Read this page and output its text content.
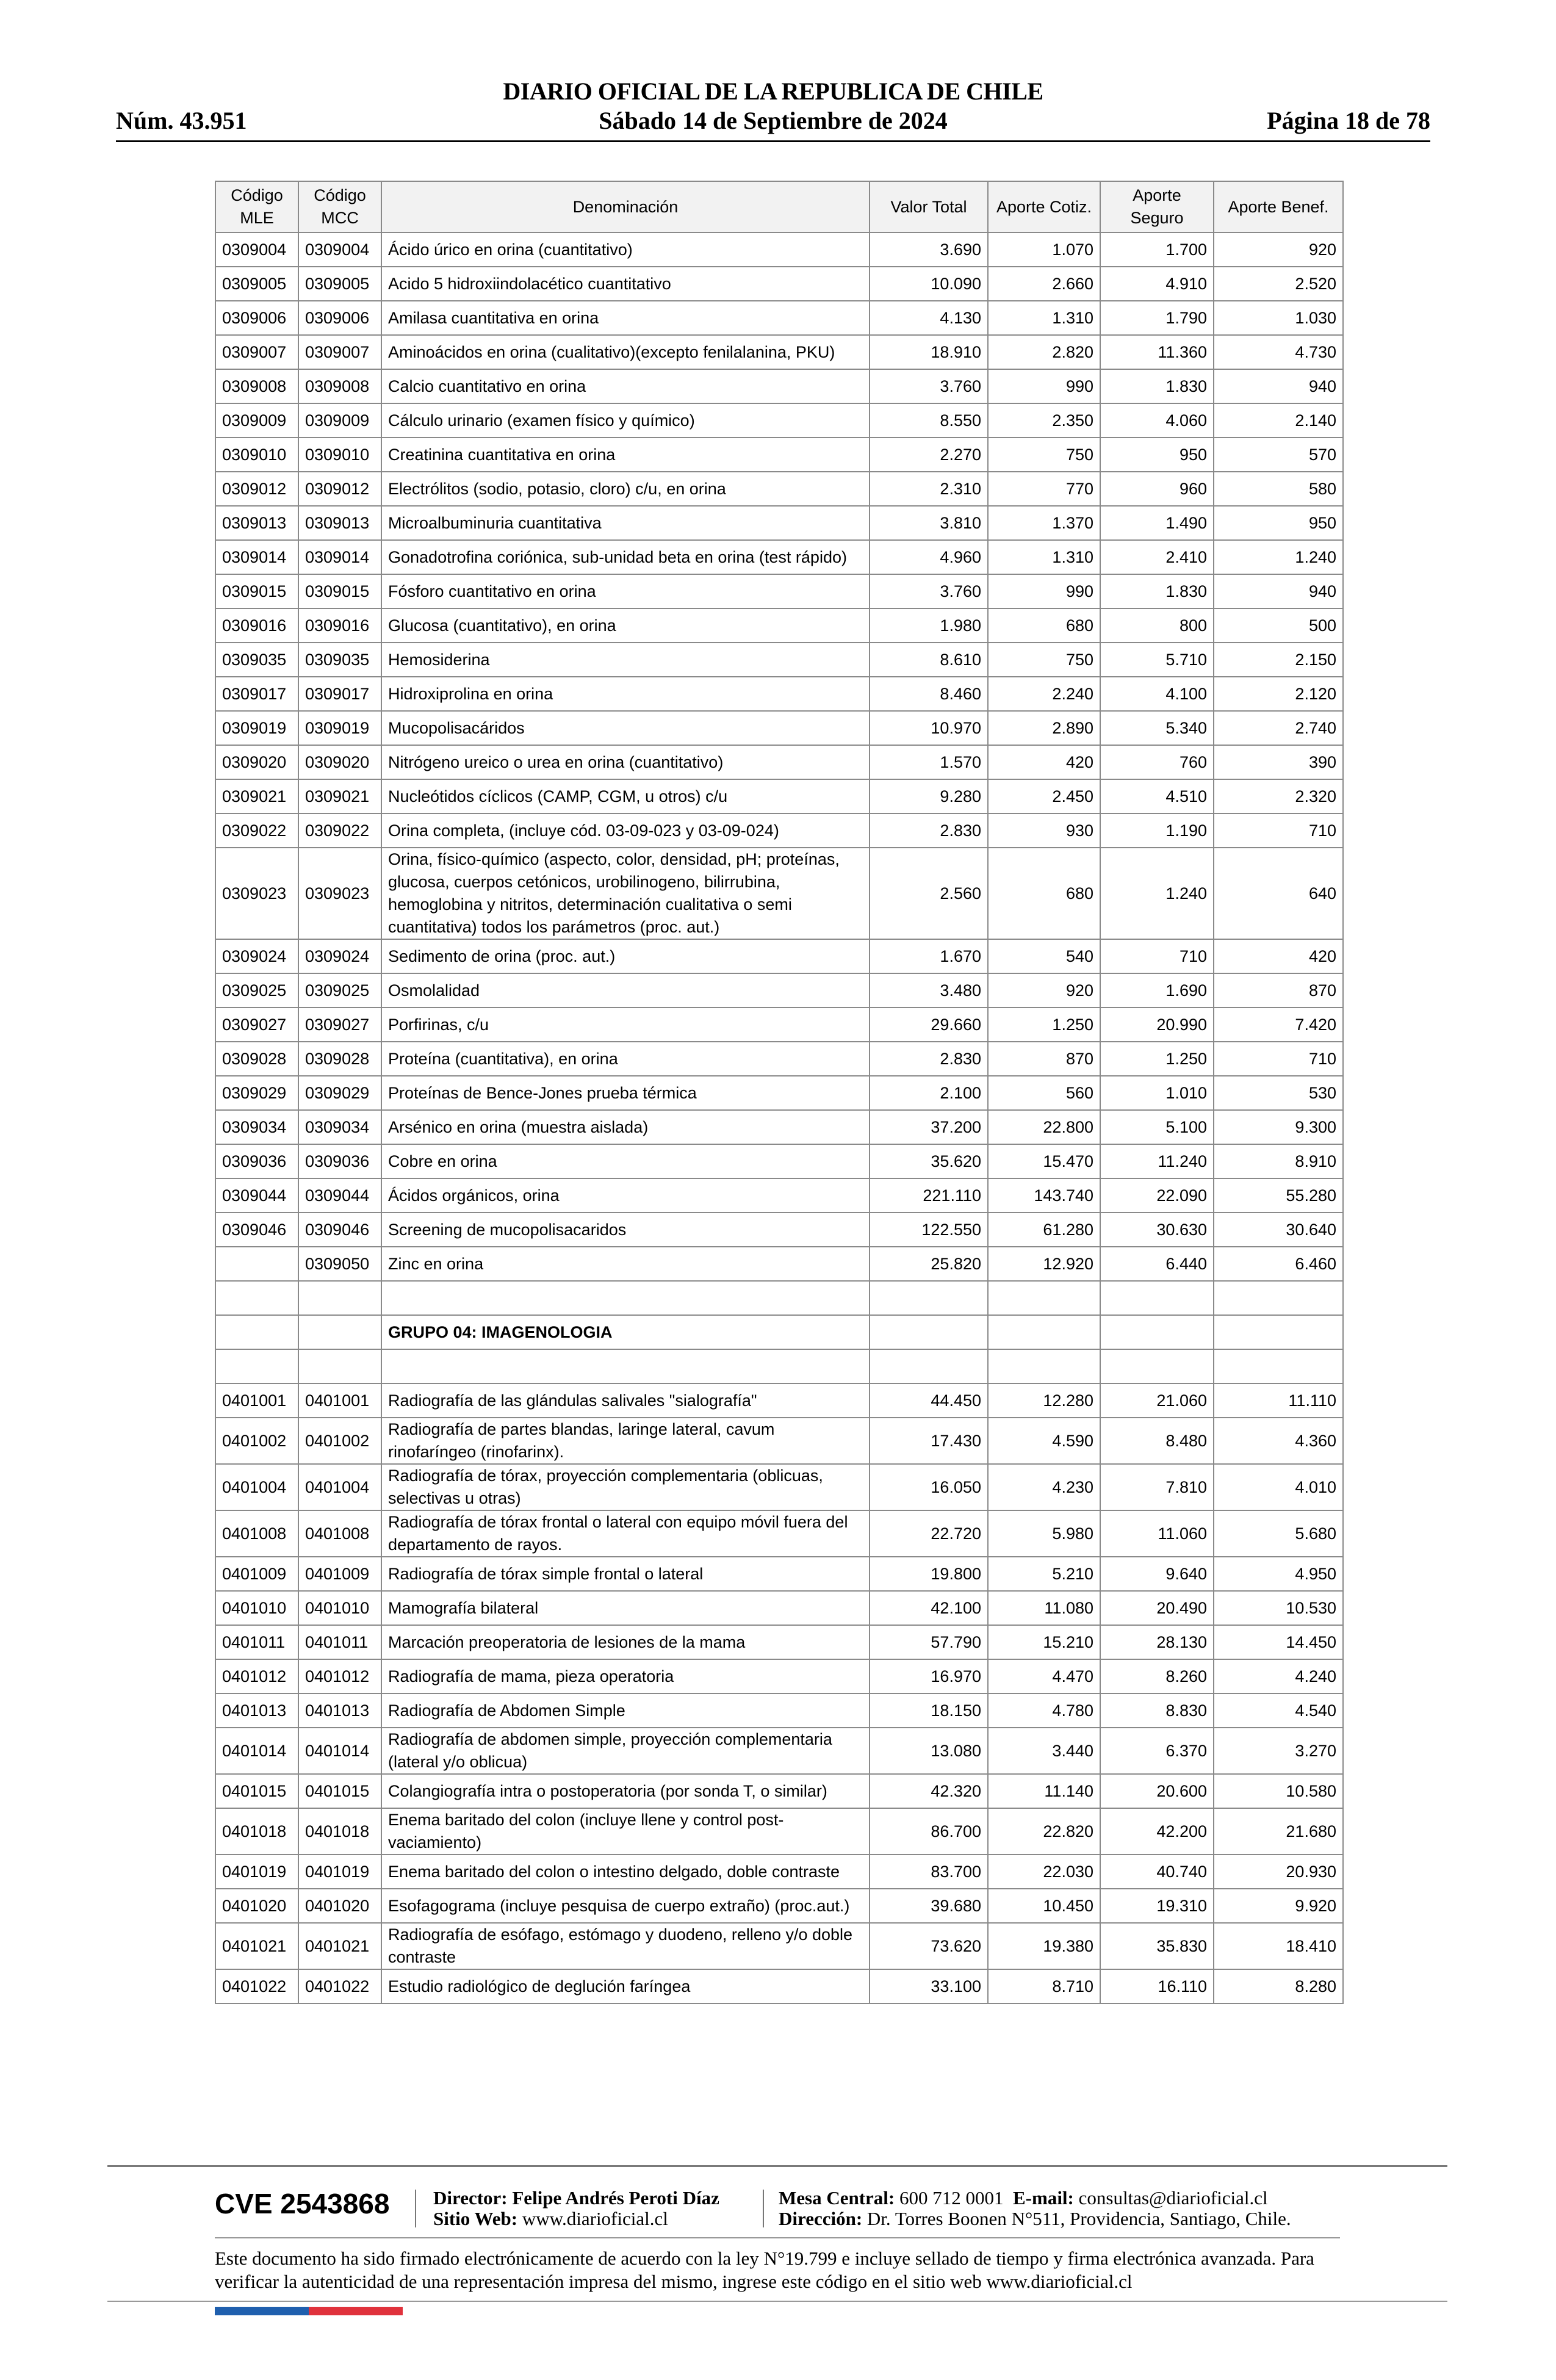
DIARIO OFICIAL DE LA REPUBLICA DE CHILE
Núm. 43.951	Sábado 14 de Septiembre de 2024	Página 18 de 78
Código MLE	Código MCC	Denominación	Valor Total	Aporte Cotiz.	Aporte Seguro	Aporte Benef.
0309004	0309004	Ácido úrico en orina (cuantitativo)	3.690	1.070	1.700	920
0309005	0309005	Acido 5 hidroxiindolacético cuantitativo	10.090	2.660	4.910	2.520
0309006	0309006	Amilasa cuantitativa en orina	4.130	1.310	1.790	1.030
0309007	0309007	Aminoácidos en orina (cualitativo)(excepto fenilalanina, PKU)	18.910	2.820	11.360	4.730
0309008	0309008	Calcio cuantitativo en orina	3.760	990	1.830	940
0309009	0309009	Cálculo urinario (examen físico y químico)	8.550	2.350	4.060	2.140
0309010	0309010	Creatinina cuantitativa en orina	2.270	750	950	570
0309012	0309012	Electrólitos (sodio, potasio, cloro) c/u, en orina	2.310	770	960	580
0309013	0309013	Microalbuminuria cuantitativa	3.810	1.370	1.490	950
0309014	0309014	Gonadotrofina coriónica, sub-unidad beta en orina (test rápido)	4.960	1.310	2.410	1.240
0309015	0309015	Fósforo cuantitativo en orina	3.760	990	1.830	940
0309016	0309016	Glucosa (cuantitativo), en orina	1.980	680	800	500
0309035	0309035	Hemosiderina	8.610	750	5.710	2.150
0309017	0309017	Hidroxiprolina en orina	8.460	2.240	4.100	2.120
0309019	0309019	Mucopolisacáridos	10.970	2.890	5.340	2.740
0309020	0309020	Nitrógeno ureico o urea en orina (cuantitativo)	1.570	420	760	390
0309021	0309021	Nucleótidos cíclicos (CAMP, CGM, u otros) c/u	9.280	2.450	4.510	2.320
0309022	0309022	Orina completa, (incluye cód. 03-09-023 y 03-09-024)	2.830	930	1.190	710
0309023	0309023	Orina, físico-químico (aspecto, color, densidad, pH; proteínas, glucosa, cuerpos cetónicos, urobilinogeno, bilirrubina, hemoglobina y nitritos, determinación cualitativa o semi cuantitativa) todos los parámetros (proc. aut.)	2.560	680	1.240	640
0309024	0309024	Sedimento de orina (proc. aut.)	1.670	540	710	420
0309025	0309025	Osmolalidad	3.480	920	1.690	870
0309027	0309027	Porfirinas, c/u	29.660	1.250	20.990	7.420
0309028	0309028	Proteína (cuantitativa), en orina	2.830	870	1.250	710
0309029	0309029	Proteínas de Bence-Jones prueba térmica	2.100	560	1.010	530
0309034	0309034	Arsénico en orina (muestra aislada)	37.200	22.800	5.100	9.300
0309036	0309036	Cobre en orina	35.620	15.470	11.240	8.910
0309044	0309044	Ácidos orgánicos, orina	221.110	143.740	22.090	55.280
0309046	0309046	Screening de mucopolisacaridos	122.550	61.280	30.630	30.640
	0309050	Zinc en orina	25.820	12.920	6.440	6.460

		GRUPO 04: IMAGENOLOGIA				

0401001	0401001	Radiografía de las glándulas salivales "sialografía"	44.450	12.280	21.060	11.110
0401002	0401002	Radiografía de partes blandas, laringe lateral, cavum rinofaríngeo (rinofarinx).	17.430	4.590	8.480	4.360
0401004	0401004	Radiografía de tórax, proyección complementaria (oblicuas, selectivas u otras)	16.050	4.230	7.810	4.010
0401008	0401008	Radiografía de tórax frontal o lateral con equipo móvil fuera del departamento de rayos.	22.720	5.980	11.060	5.680
0401009	0401009	Radiografía de tórax simple frontal o lateral	19.800	5.210	9.640	4.950
0401010	0401010	Mamografía bilateral	42.100	11.080	20.490	10.530
0401011	0401011	Marcación preoperatoria de lesiones de la mama	57.790	15.210	28.130	14.450
0401012	0401012	Radiografía de mama, pieza operatoria	16.970	4.470	8.260	4.240
0401013	0401013	Radiografía de Abdomen Simple	18.150	4.780	8.830	4.540
0401014	0401014	Radiografía de abdomen simple, proyección complementaria (lateral y/o oblicua)	13.080	3.440	6.370	3.270
0401015	0401015	Colangiografía intra o postoperatoria (por sonda T, o similar)	42.320	11.140	20.600	10.580
0401018	0401018	Enema baritado del colon (incluye llene y control post-vaciamiento)	86.700	22.820	42.200	21.680
0401019	0401019	Enema baritado del colon o intestino delgado, doble contraste	83.700	22.030	40.740	20.930
0401020	0401020	Esofagograma (incluye pesquisa de cuerpo extraño) (proc.aut.)	39.680	10.450	19.310	9.920
0401021	0401021	Radiografía de esófago, estómago y duodeno, relleno y/o doble contraste	73.620	19.380	35.830	18.410
0401022	0401022	Estudio radiológico de deglución faríngea	33.100	8.710	16.110	8.280
CVE 2543868 Director: Felipe Andrés Peroti Díaz
Sitio Web: www.diarioficial.cl
Mesa Central: 600 712 0001 E-mail: consultas@diarioficial.cl
Dirección: Dr. Torres Boonen N°511, Providencia, Santiago, Chile.
Este documento ha sido firmado electrónicamente de acuerdo con la ley N°19.799 e incluye sellado de tiempo y firma electrónica avanzada. Para verificar la autenticidad de una representación impresa del mismo, ingrese este código en el sitio web www.diarioficial.cl
